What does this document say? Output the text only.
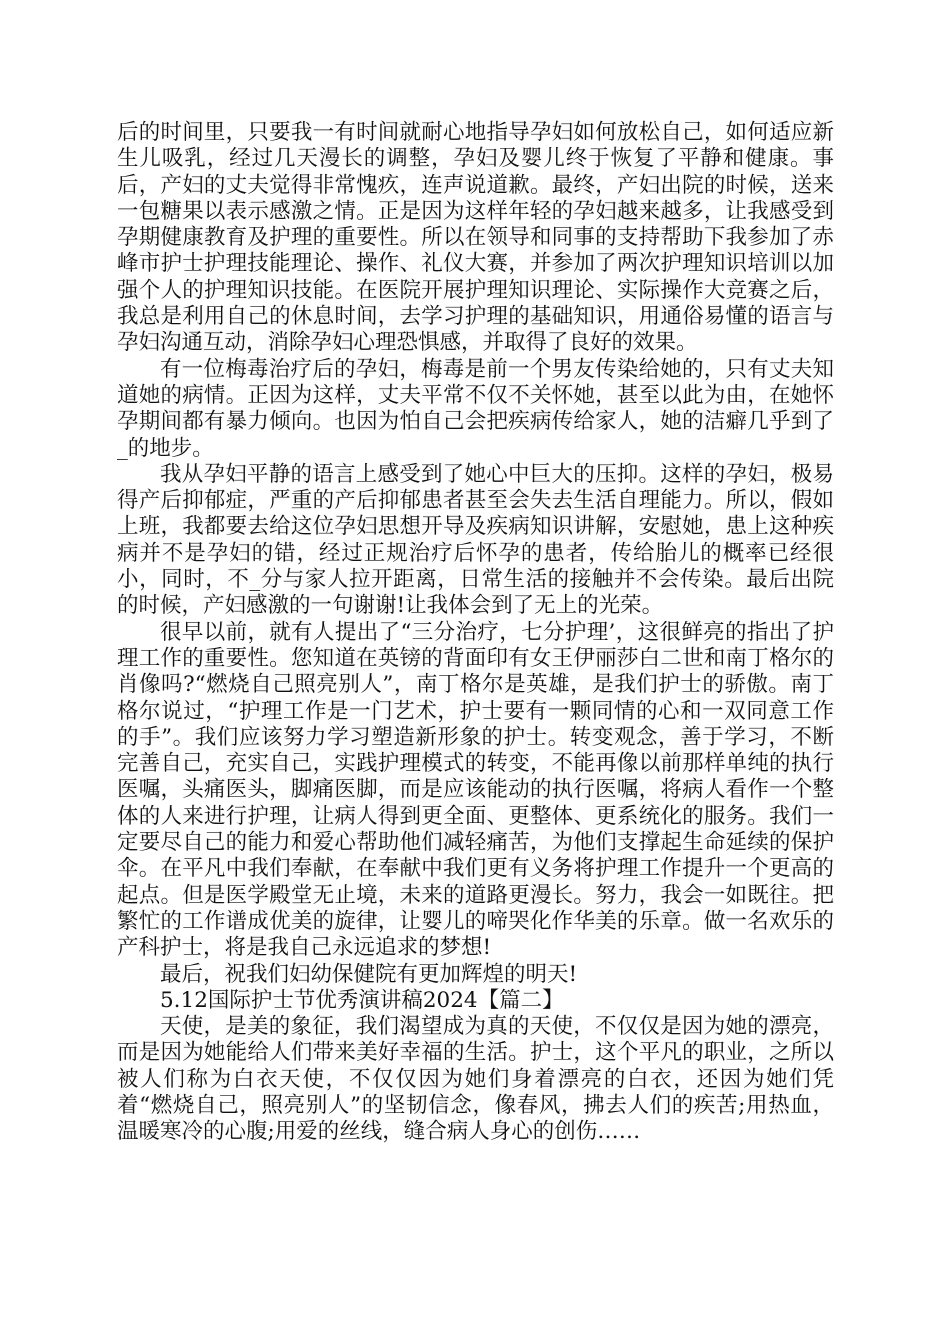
后的时间里，只要我一有时间就耐心地指导孕妇如何放松自己，如何适应新生儿吸乳，经过几天漫长的调整，孕妇及婴儿终于恢复了平静和健康。事后，产妇的丈夫觉得非常愧疚，连声说道歉。最终，产妇出院的时候，送来一包糖果以表示感激之情。正是因为这样年轻的孕妇越来越多，让我感受到孕期健康教育及护理的重要性。所以在领导和同事的支持帮助下我参加了赤峰市护士护理技能理论、操作、礼仪大赛，并参加了两次护理知识培训以加强个人的护理知识技能。在医院开展护理知识理论、实际操作大竞赛之后，我总是利用自己的休息时间，去学习护理的基础知识，用通俗易懂的语言与孕妇沟通互动，消除孕妇心理恐惧感，并取得了良好的效果。

有一位梅毒治疗后的孕妇，梅毒是前一个男友传染给她的，只有丈夫知道她的病情。正因为这样，丈夫平常不仅不关怀她，甚至以此为由，在她怀孕期间都有暴力倾向。也因为怕自己会把疾病传给家人，她的洁癖几乎到了_的地步。

我从孕妇平静的语言上感受到了她心中巨大的压抑。这样的孕妇，极易得产后抑郁症，严重的产后抑郁患者甚至会失去生活自理能力。所以，假如上班，我都要去给这位孕妇思想开导及疾病知识讲解，安慰她，患上这种疾病并不是孕妇的错，经过正规治疗后怀孕的患者，传给胎儿的概率已经很小，同时，不_分与家人拉开距离，日常生活的接触并不会传染。最后出院的时候，产妇感激的一句谢谢!让我体会到了无上的光荣。

很早以前，就有人提出了“三分治疗，七分护理’，这很鲜亮的指出了护理工作的重要性。您知道在英镑的背面印有女王伊丽莎白二世和南丁格尔的肖像吗?“燃烧自己照亮别人”，南丁格尔是英雄，是我们护士的骄傲。南丁格尔说过，“护理工作是一门艺术，护士要有一颗同情的心和一双同意工作的手”。我们应该努力学习塑造新形象的护士。转变观念，善于学习，不断完善自己，充实自己，实践护理模式的转变，不能再像以前那样单纯的执行医嘱，头痛医头，脚痛医脚，而是应该能动的执行医嘱，将病人看作一个整体的人来进行护理，让病人得到更全面、更整体、更系统化的服务。我们一定要尽自己的能力和爱心帮助他们减轻痛苦，为他们支撑起生命延续的保护伞。在平凡中我们奉献，在奉献中我们更有义务将护理工作提升一个更高的起点。但是医学殿堂无止境，未来的道路更漫长。努力，我会一如既往。把繁忙的工作谱成优美的旋律，让婴儿的啼哭化作华美的乐章。做一名欢乐的产科护士，将是我自己永远追求的梦想!

最后，祝我们妇幼保健院有更加辉煌的明天!

5.12国际护士节优秀演讲稿2024【篇二】

天使，是美的象征，我们渴望成为真的天使，不仅仅是因为她的漂亮，而是因为她能给人们带来美好幸福的生活。护士，这个平凡的职业，之所以被人们称为白衣天使，不仅仅因为她们身着漂亮的白衣，还因为她们凭着“燃烧自己，照亮别人”的坚韧信念，像春风，拂去人们的疾苦;用热血，温暖寒冷的心腹;用爱的丝线，缝合病人身心的创伤……
